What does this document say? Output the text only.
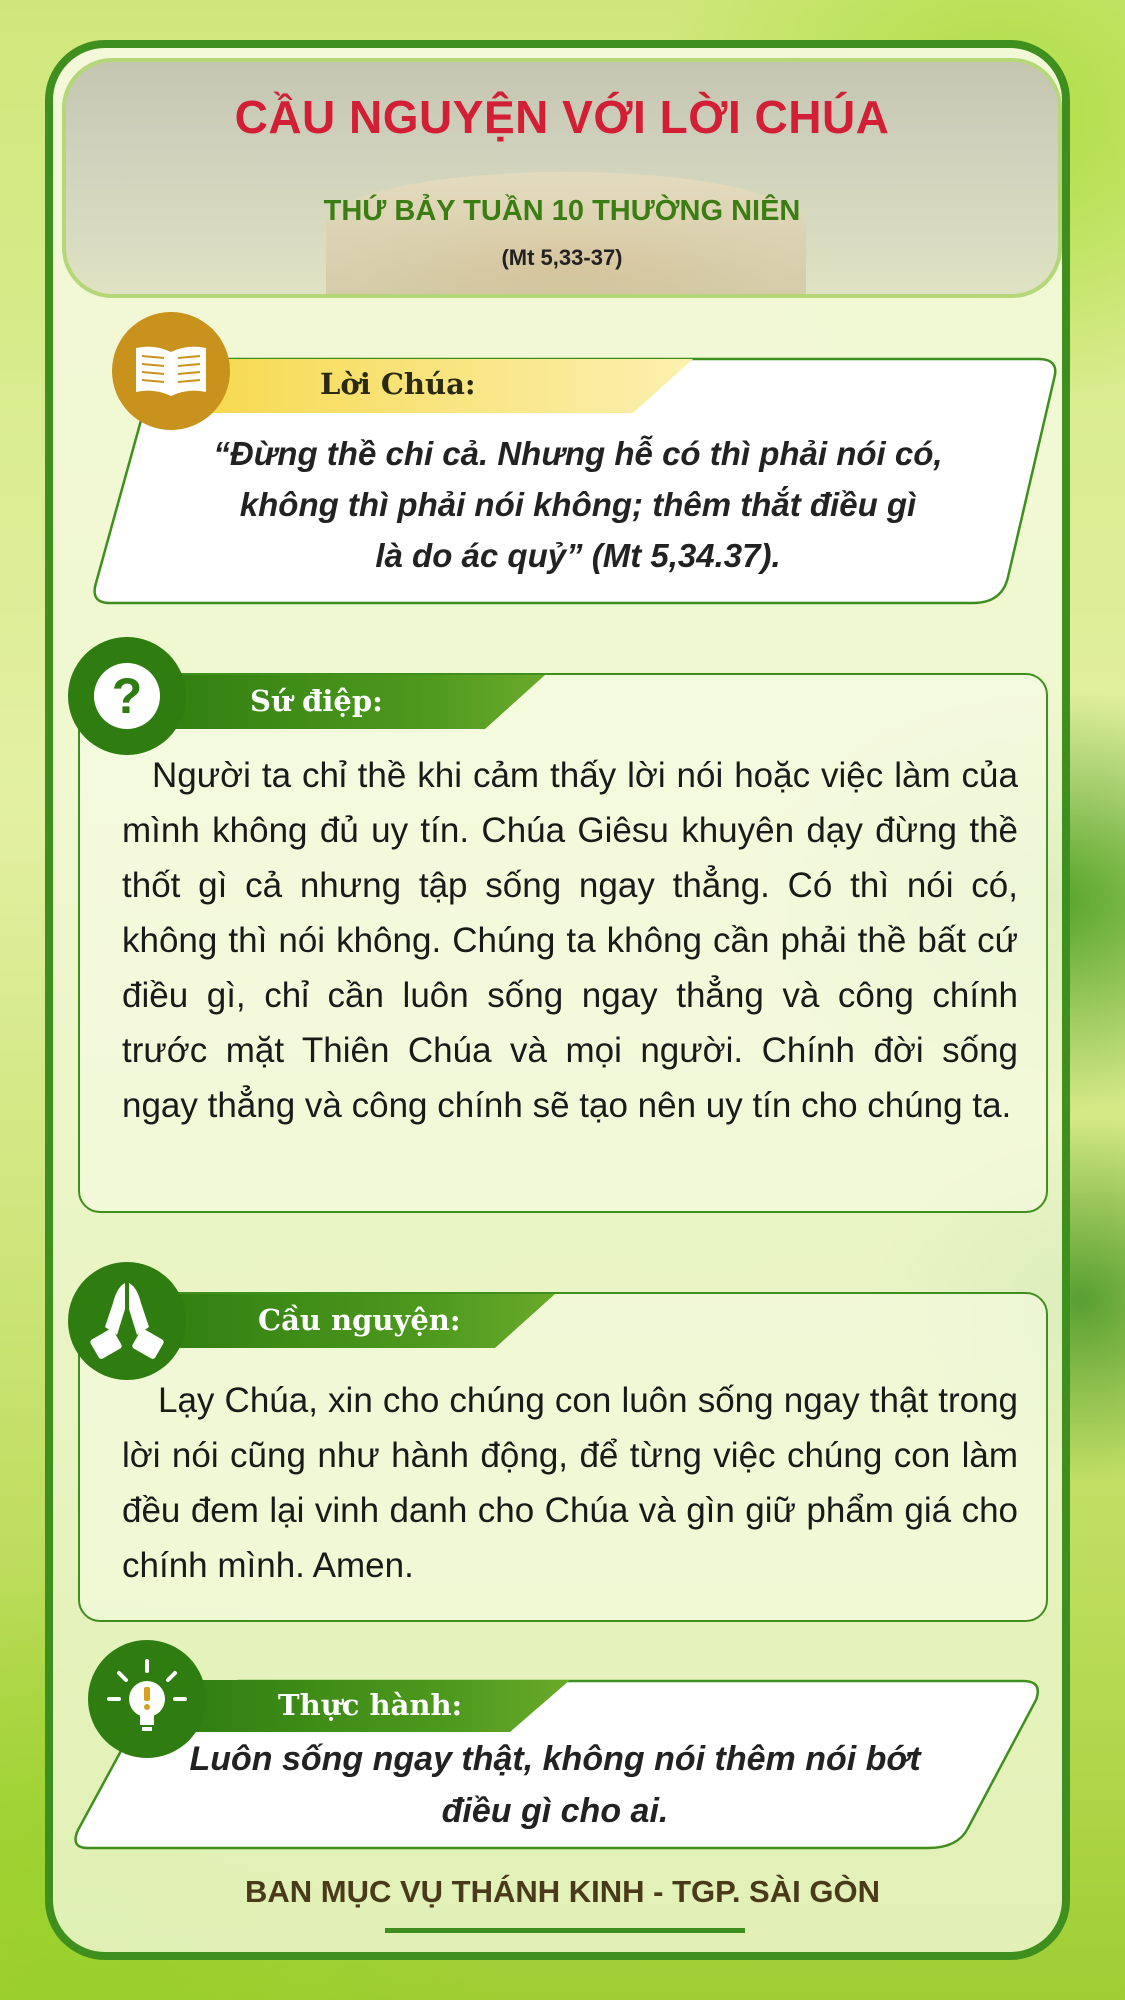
CẦU NGUYỆN VỚI LỜI CHÚA
THỨ BẢY TUẦN 10 THƯỜNG NIÊN
(Mt 5,33-37)
Lời Chúa:
“Đừng thề chi cả. Nhưng hễ có thì phải nói có,
không thì phải nói không; thêm thắt điều gì
là do ác quỷ” (Mt 5,34.37).
Sứ điệp:
?
Người ta chỉ thề khi cảm thấy lời nói hoặc việc làm của mình không đủ uy tín. Chúa Giêsu khuyên dạy đừng thề thốt gì cả nhưng tập sống ngay thẳng. Có thì nói có, không thì nói không. Chúng ta không cần phải thề bất cứ điều gì, chỉ cần luôn sống ngay thẳng và công chính trước mặt Thiên Chúa và mọi người. Chính đời sống ngay thẳng và công chính sẽ tạo nên uy tín cho chúng ta.
Cầu nguyện:
Lạy Chúa, xin cho chúng con luôn sống ngay thật trong lời nói cũng như hành động, để từng việc chúng con làm đều đem lại vinh danh cho Chúa và gìn giữ phẩm giá cho chính mình. Amen.
Thực hành:
Luôn sống ngay thật, không nói thêm nói bớt
điều gì cho ai.
BAN MỤC VỤ THÁNH KINH - TGP. SÀI GÒN
